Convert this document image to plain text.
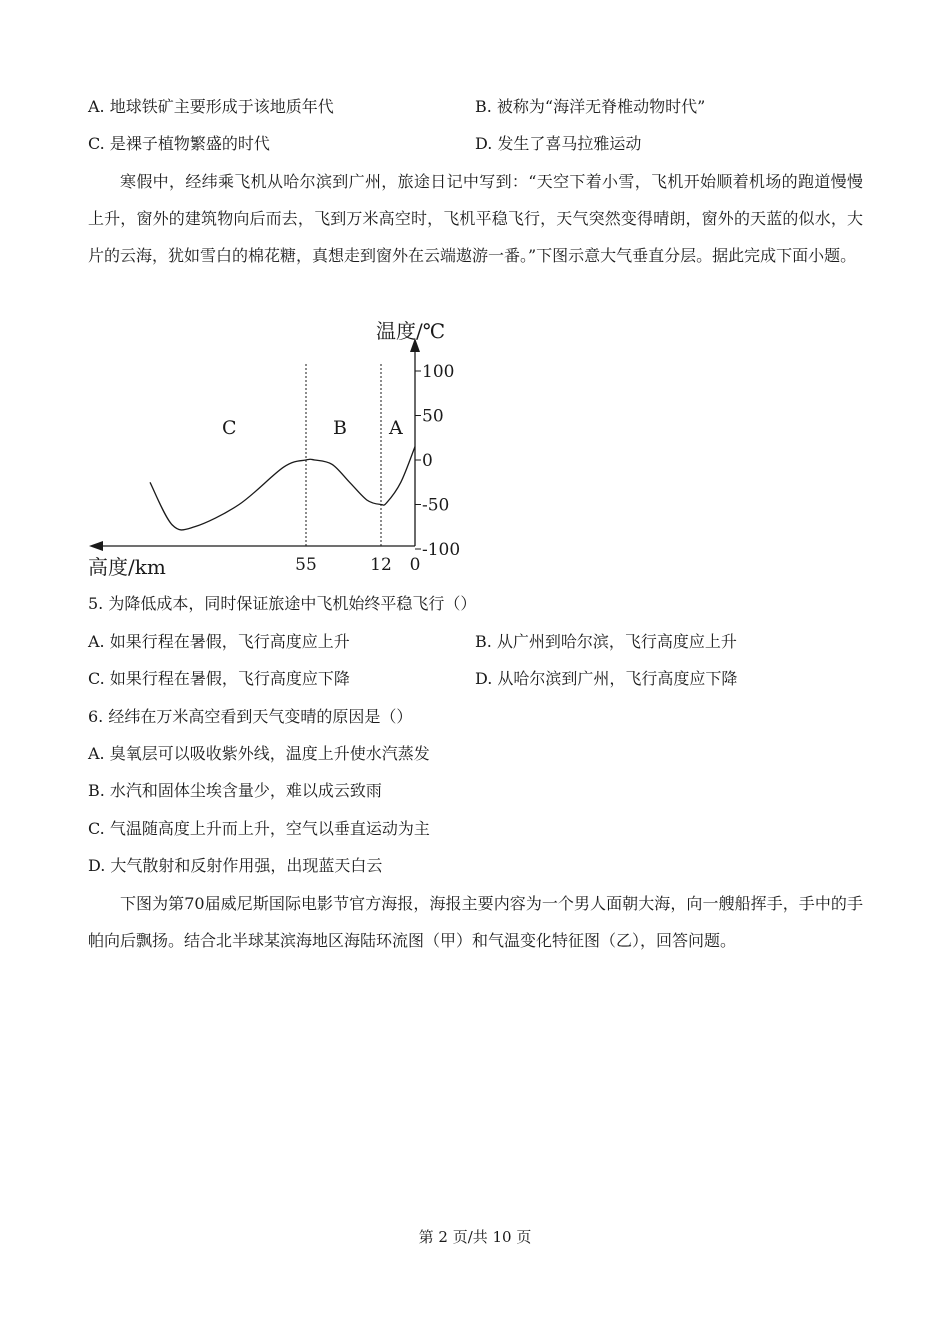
A. 地球铁矿主要形成于该地质年代	B. 被称为“海洋无脊椎动物时代”
C. 是裸子植物繁盛的时代	D. 发生了喜马拉雅运动
寒假中，经纬乘飞机从哈尔滨到广州，旅途日记中写到：“天空下着小雪，飞机开始顺着机场的跑道慢慢上升，窗外的建筑物向后而去，飞到万米高空时，飞机平稳飞行，天气突然变得晴朗，窗外的天蓝的似水，大片的云海，犹如雪白的棉花糖，真想走到窗外在云端遨游一番。”下图示意大气垂直分层。据此完成下面小题。
100
50
0
-50
-100
55	12 0
温度/℃
高度/km
C	B A
5. 为降低成本，同时保证旅途中飞机始终平稳飞行（）
A. 如果行程在暑假，飞行高度应上升	B. 从广州到哈尔滨，飞行高度应上升
C. 如果行程在暑假，飞行高度应下降	D. 从哈尔滨到广州，飞行高度应下降
6. 经纬在万米高空看到天气变晴的原因是（）
A. 臭氧层可以吸收紫外线，温度上升使水汽蒸发
B. 水汽和固体尘埃含量少，难以成云致雨
C. 气温随高度上升而上升，空气以垂直运动为主
D. 大气散射和反射作用强，出现蓝天白云
下图为第70届威尼斯国际电影节官方海报，海报主要内容为一个男人面朝大海，向一艘船挥手，手中的手帕向后飘扬。结合北半球某滨海地区海陆环流图（甲）和气温变化特征图（乙），回答问题。
第 2 页/共 10 页
